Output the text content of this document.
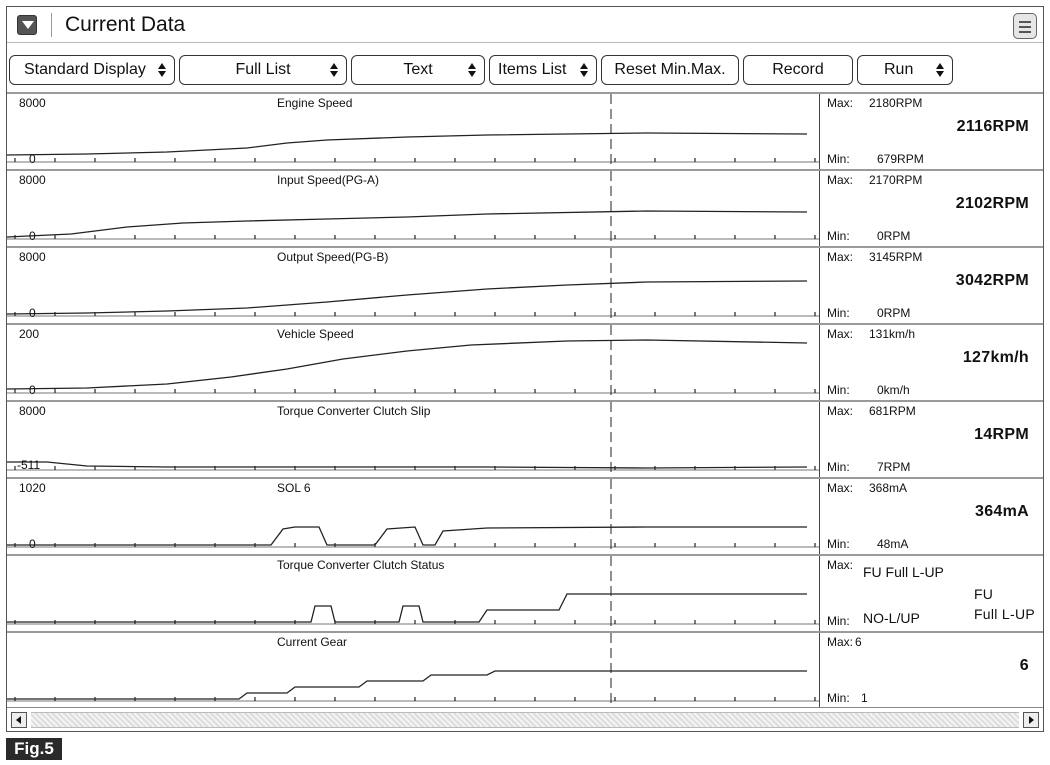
Current Data
Standard Display	Full List	Text	Items List	Reset Min.Max.	Record	Run
8000
0
Engine Speed	Max: 2180RPM
2116RPM
Min: 679RPM
8000
0
Input Speed(PG-A)	Max: 2170RPM
2102RPM
Min: 0RPM
8000
0
Output Speed(PG-B)	Max: 3145RPM
3042RPM
Min: 0RPM
200
0
Vehicle Speed	Max: 131km/h
127km/h
Min: 0km/h
8000
-511
Torque Converter Clutch Slip	Max: 681RPM
14RPM
Min: 7RPM
1020
0
SOL 6	Max: 368mA
364mA
Min: 48mA
Torque Converter Clutch Status	Max: FU Full L-UP
FU
Full L-UP
Min: NO-L/UP
Current Gear	Max: 6
6
Min: 1
Fig.5
